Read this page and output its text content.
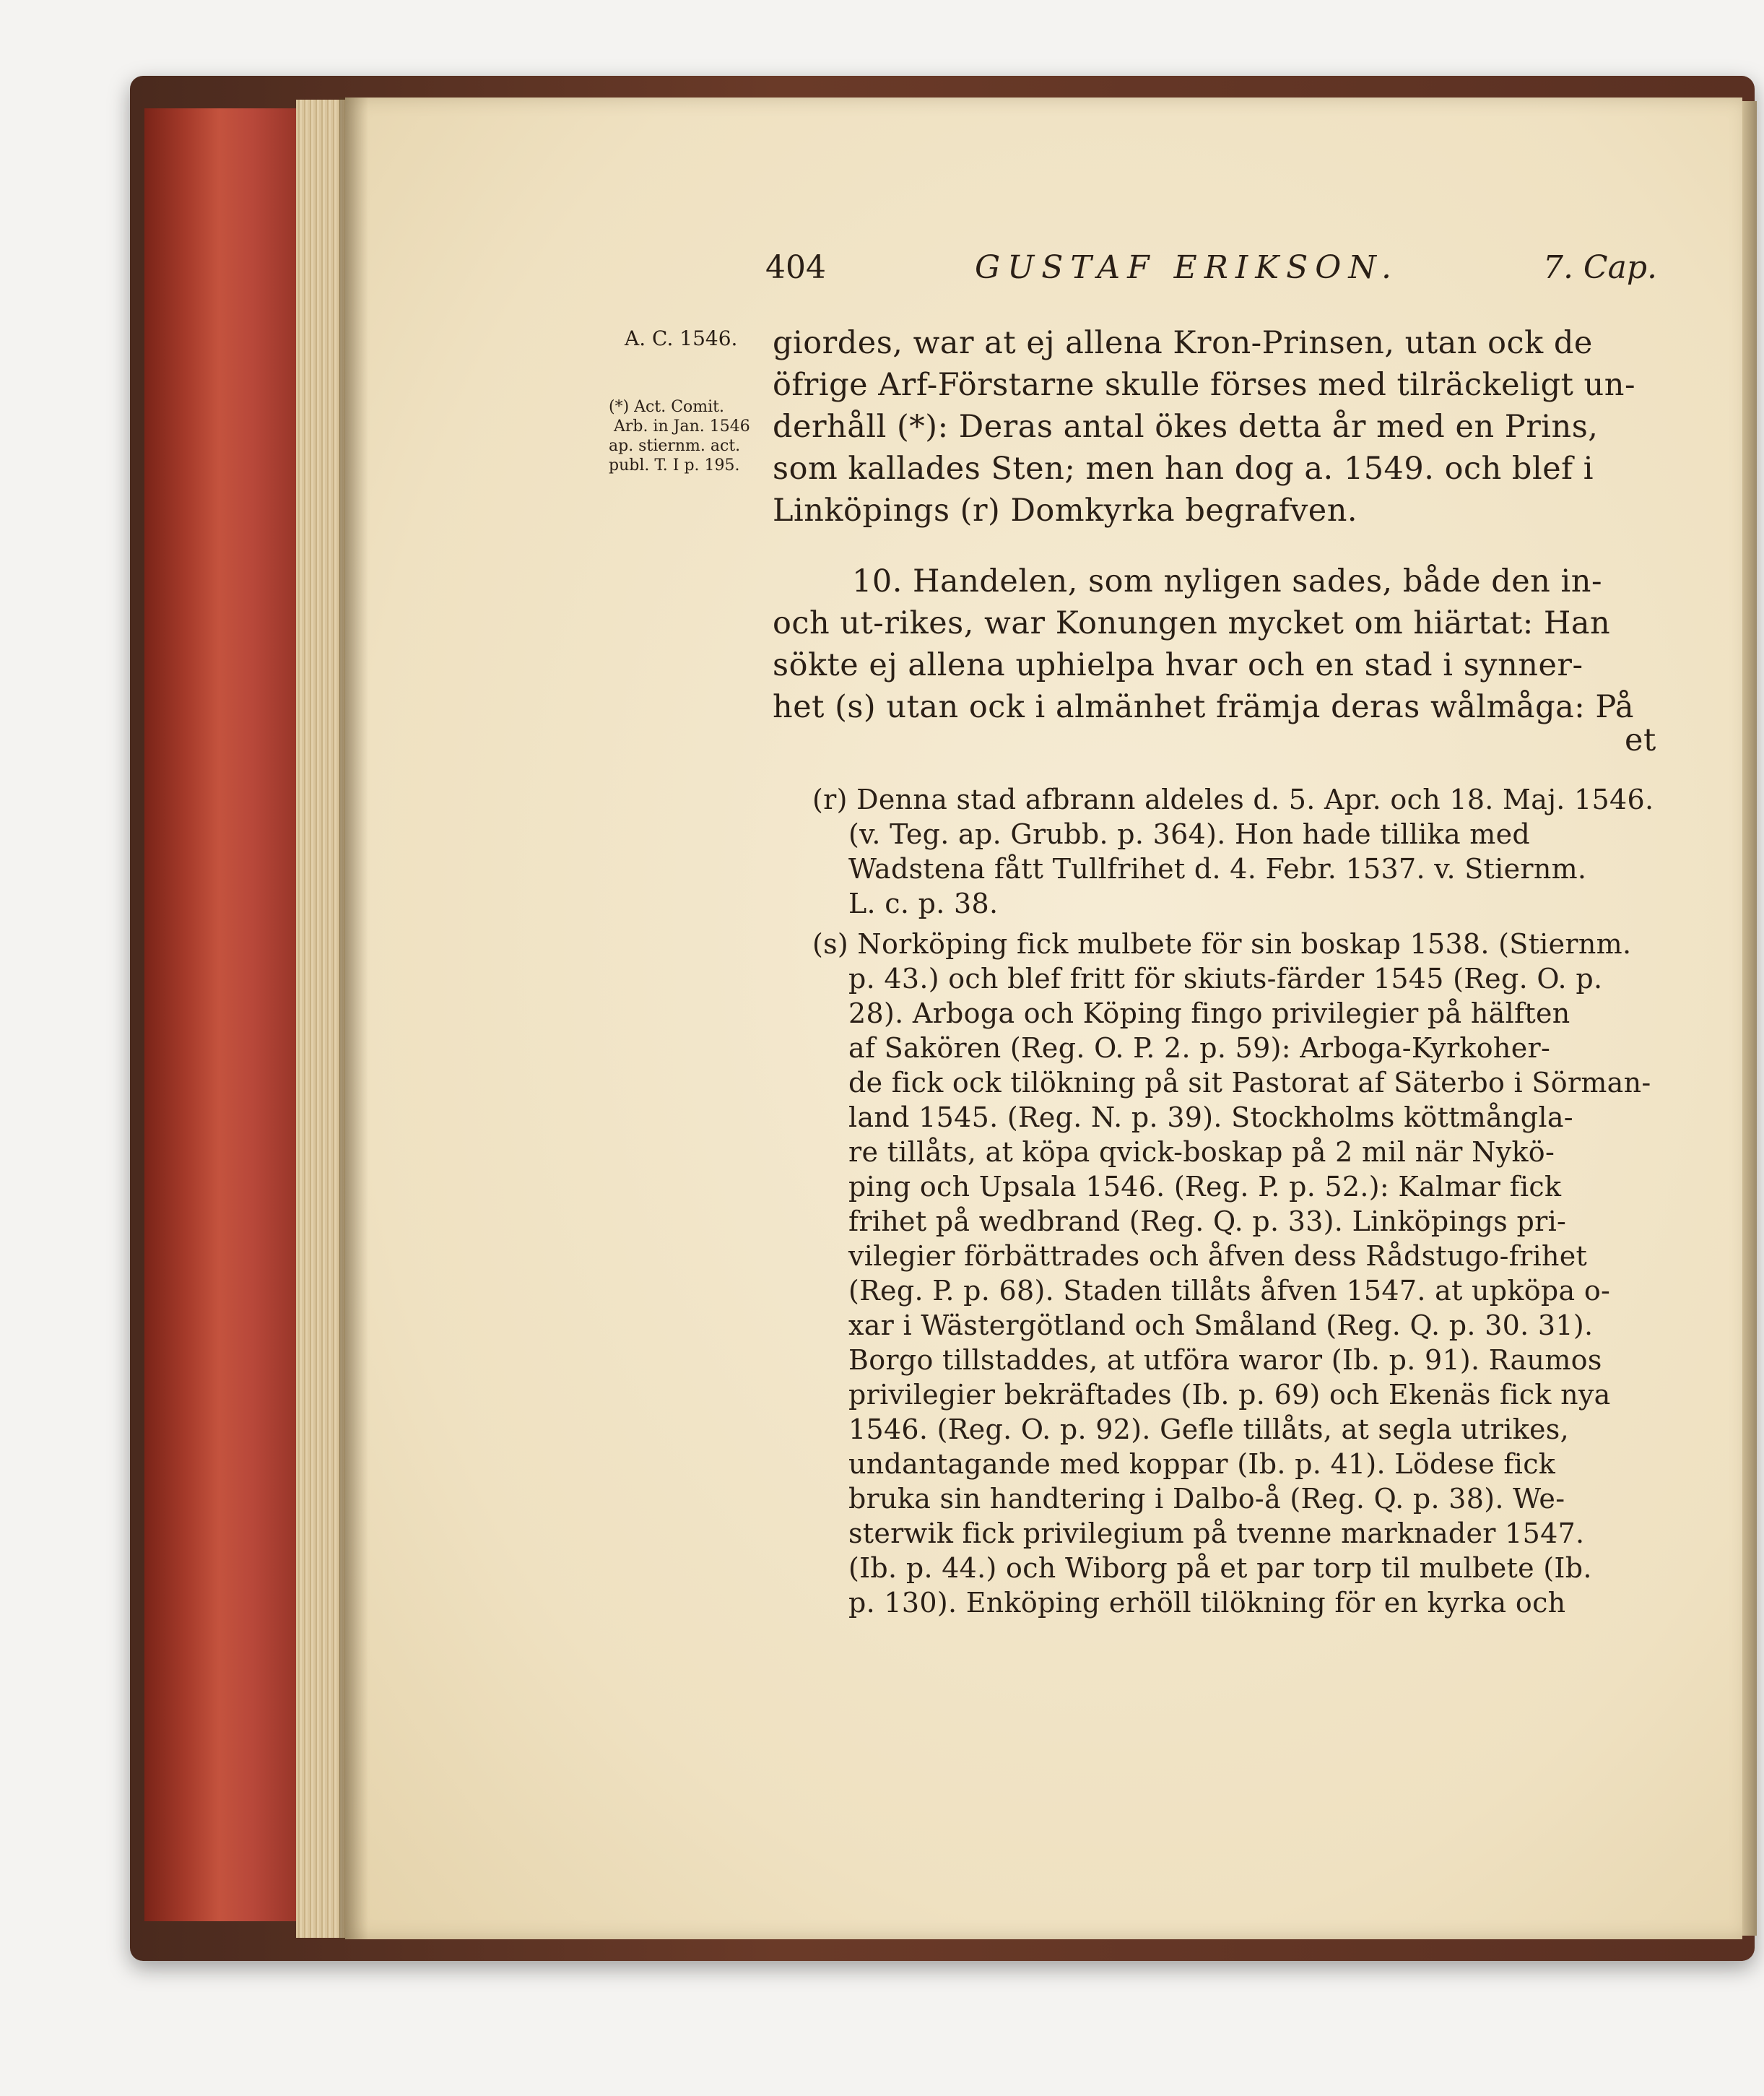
404	GUSTAF ERIKSON.	7. Cap.
A. C. 1546.
(*) Act. Comit.
Arb. in Jan. 1546
ap. stiernm. act.
publ. T. I p. 195.
giordes, war at ej allena Kron-Prinsen, utan ock de
öfrige Arf-Förstarne skulle förses med tilräckeligt un-
derhåll (*): Deras antal ökes detta år med en Prins,
som kallades Sten; men han dog a. 1549. och blef i
Linköpings (r) Domkyrka begrafven.
10. Handelen, som nyligen sades, både den in-
och ut-rikes, war Konungen mycket om hiärtat: Han
sökte ej allena uphielpa hvar och en stad i synner-
het (s) utan ock i almänhet främja deras wålmåga: På
et
(r) Denna stad afbrann aldeles d. 5. Apr. och 18. Maj. 1546.
(v. Teg. ap. Grubb. p. 364). Hon hade tillika med
Wadstena fått Tullfrihet d. 4. Febr. 1537. v. Stiernm.
L. c. p. 38.
(s) Norköping fick mulbete för sin boskap 1538. (Stiernm.
p. 43.) och blef fritt för skiuts-färder 1545 (Reg. O. p.
28). Arboga och Köping fingo privilegier på hälften
af Sakören (Reg. O. P. 2. p. 59): Arboga-Kyrkoher-
de fick ock tilökning på sit Pastorat af Säterbo i Sörman-
land 1545. (Reg. N. p. 39). Stockholms köttmångla-
re tillåts, at köpa qvick-boskap på 2 mil när Nykö-
ping och Upsala 1546. (Reg. P. p. 52.): Kalmar fick
frihet på wedbrand (Reg. Q. p. 33). Linköpings pri-
vilegier förbättrades och åfven dess Rådstugo-frihet
(Reg. P. p. 68). Staden tillåts åfven 1547. at upköpa o-
xar i Wästergötland och Småland (Reg. Q. p. 30. 31).
Borgo tillstaddes, at utföra waror (Ib. p. 91). Raumos
privilegier bekräftades (Ib. p. 69) och Ekenäs fick nya
1546. (Reg. O. p. 92). Gefle tillåts, at segla utrikes,
undantagande med koppar (Ib. p. 41). Lödese fick
bruka sin handtering i Dalbo-å (Reg. Q. p. 38). We-
sterwik fick privilegium på tvenne marknader 1547.
(Ib. p. 44.) och Wiborg på et par torp til mulbete (Ib.
p. 130). Enköping erhöll tilökning för en kyrka och
